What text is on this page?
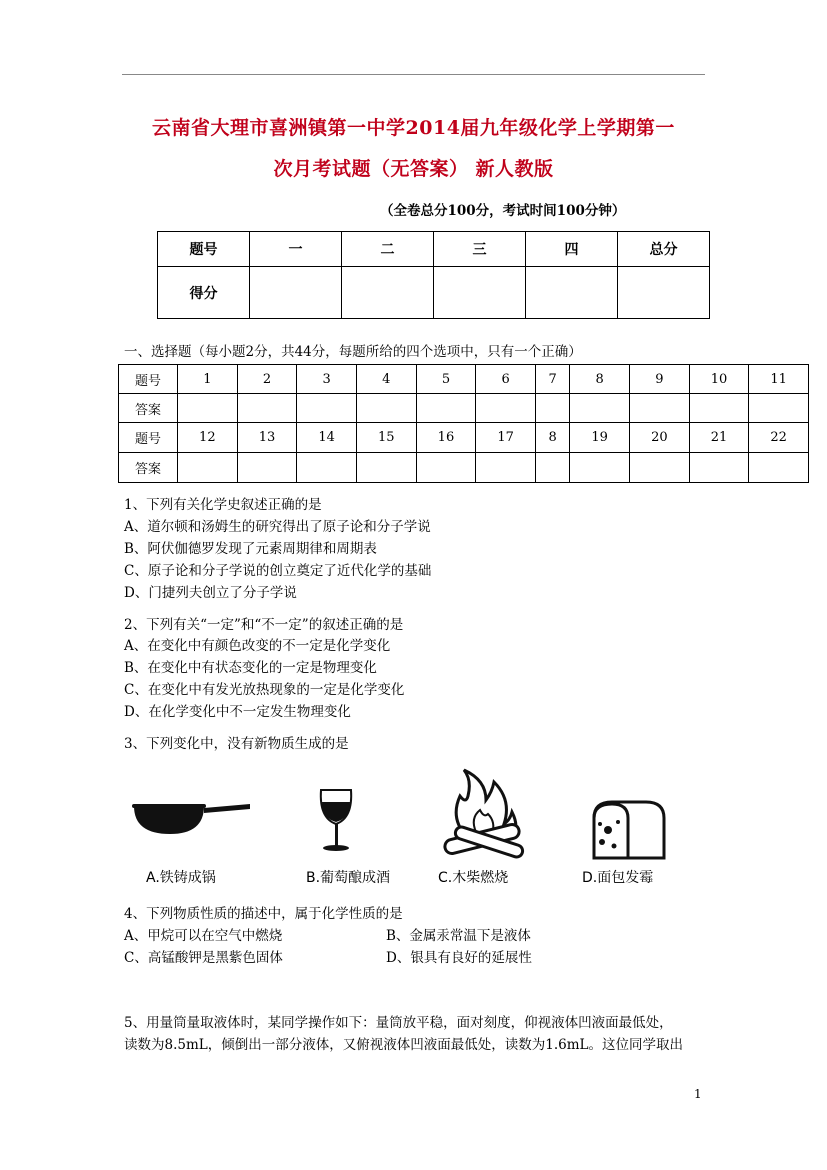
云南省大理市喜洲镇第一中学2014届九年级化学上学期第一
次月考试题（无答案） 新人教版
（全卷总分100分，考试时间100分钟）
题号	一	二	三	四	总分
得分					
一、选择题（每小题2分，共44分，每题所给的四个选项中，只有一个正确）
题号	1	2	3	4	5	6	7	8	9	10	11
答案											
题号	12	13	14	15	16	17	8	19	20	21	22
答案											
1、下列有关化学史叙述正确的是
A、道尔顿和汤姆生的研究得出了原子论和分子学说
B、阿伏伽德罗发现了元素周期律和周期表
C、原子论和分子学说的创立奠定了近代化学的基础
D、门捷列夫创立了分子学说
2、下列有关“一定”和“不一定”的叙述正确的是
A、在变化中有颜色改变的不一定是化学变化
B、在变化中有状态变化的一定是物理变化
C、在变化中有发光放热现象的一定是化学变化
D、在化学变化中不一定发生物理变化
3、下列变化中，没有新物质生成的是
A.铁铸成锅	B.葡萄酿成酒	C.木柴燃烧	D.面包发霉
4、下列物质性质的描述中，属于化学性质的是
A、甲烷可以在空气中燃烧	B、金属汞常温下是液体
C、高锰酸钾是黑紫色固体	D、银具有良好的延展性
5、用量筒量取液体时，某同学操作如下：量筒放平稳，面对刻度，仰视液体凹液面最低处，
读数为8.5mL，倾倒出一部分液体，又俯视液体凹液面最低处，读数为1.6mL。这位同学取出
1
